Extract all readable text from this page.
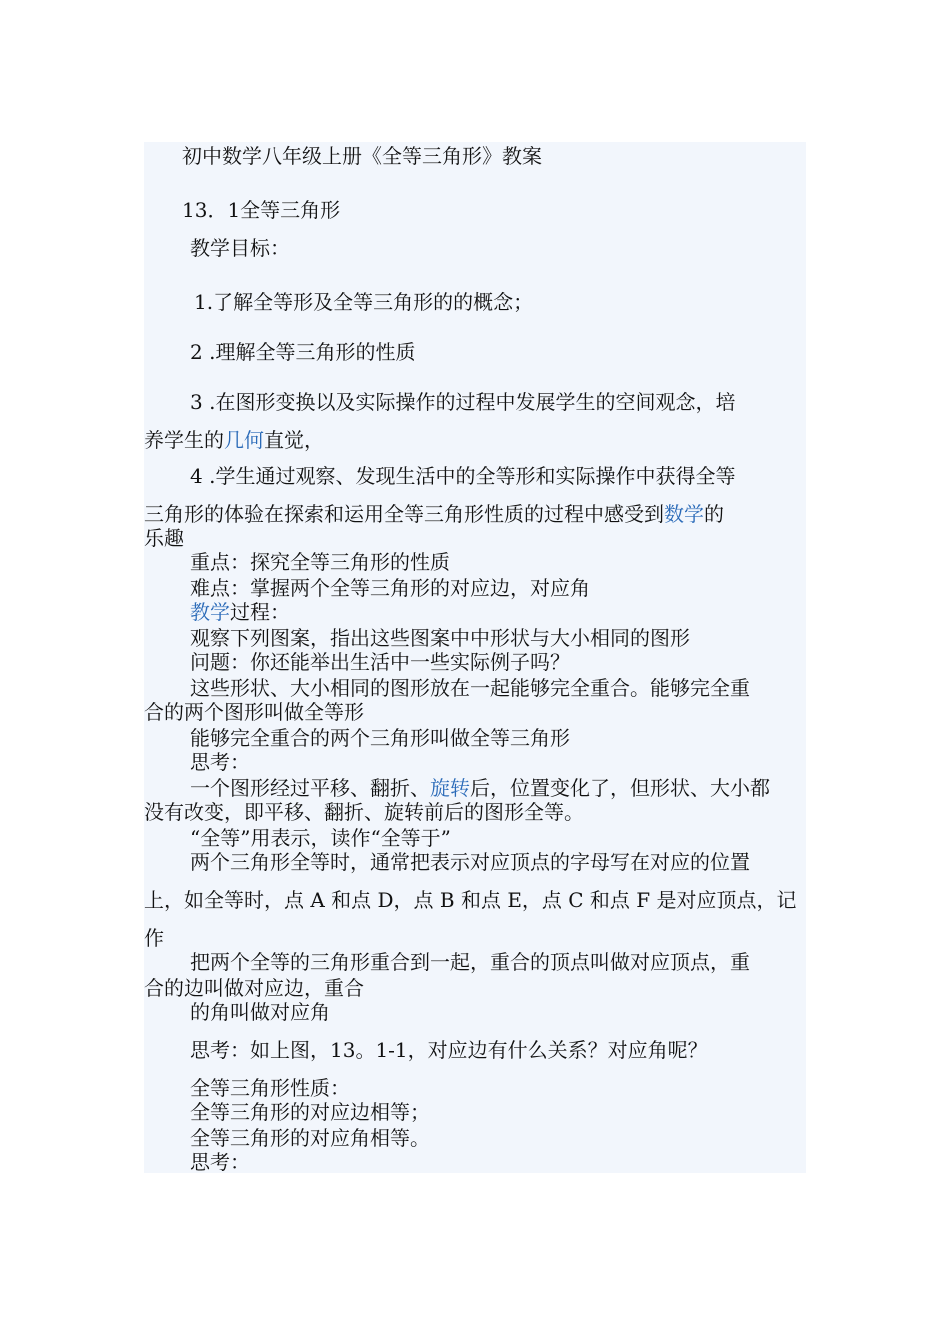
初中数学八年级上册《全等三角形》教案
13．1全等三角形
教学目标：
1.了解全等形及全等三角形的的概念；
2 .理解全等三角形的性质
3 .在图形变换以及实际操作的过程中发展学生的空间观念，培
养学生的几何直觉，
4 .学生通过观察、发现生活中的全等形和实际操作中获得全等
三角形的体验在探索和运用全等三角形性质的过程中感受到数学的
乐趣
重点：探究全等三角形的性质
难点：掌握两个全等三角形的对应边，对应角
教学过程：
观察下列图案，指出这些图案中中形状与大小相同的图形
问题：你还能举出生活中一些实际例子吗？
这些形状、大小相同的图形放在一起能够完全重合。能够完全重
合的两个图形叫做全等形
能够完全重合的两个三角形叫做全等三角形
思考：
一个图形经过平移、翻折、旋转后，位置变化了，但形状、大小都
没有改变，即平移、翻折、旋转前后的图形全等。
“全等”用表示，读作“全等于”
两个三角形全等时，通常把表示对应顶点的字母写在对应的位置
上，如全等时，点 A 和点 D，点 B 和点 E，点 C 和点 F 是对应顶点，记
作
把两个全等的三角形重合到一起，重合的顶点叫做对应顶点，重
合的边叫做对应边，重合
的角叫做对应角
思考：如上图，13。1-1，对应边有什么关系？对应角呢？
全等三角形性质：
全等三角形的对应边相等；
全等三角形的对应角相等。
思考：
